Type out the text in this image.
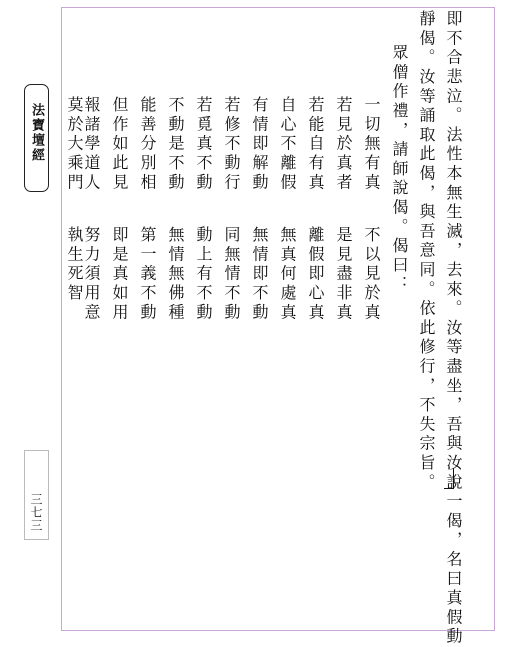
法寶壇經
三七三	即不合悲泣。法性本無生滅，去來。汝等盡坐，吾與汝說一偈，名曰真假動
靜偈。汝等誦取此偈，與吾意同。依此修行，不失宗旨。
眾僧作禮，請師說偈。偈曰：
一切無有真
不以見於真
若見於真者
是見盡非真
若能自有真
離假即心真
自心不離假
無真何處真
有情即解動
無情即不動
若修不動行
同無情不動
若覓真不動
動上有不動
不動是不動
無情無佛種
能善分別相
第一義不動
但作如此見
即是真如用
報諸學道人
努力須用意
莫於大乘門
執生死智
